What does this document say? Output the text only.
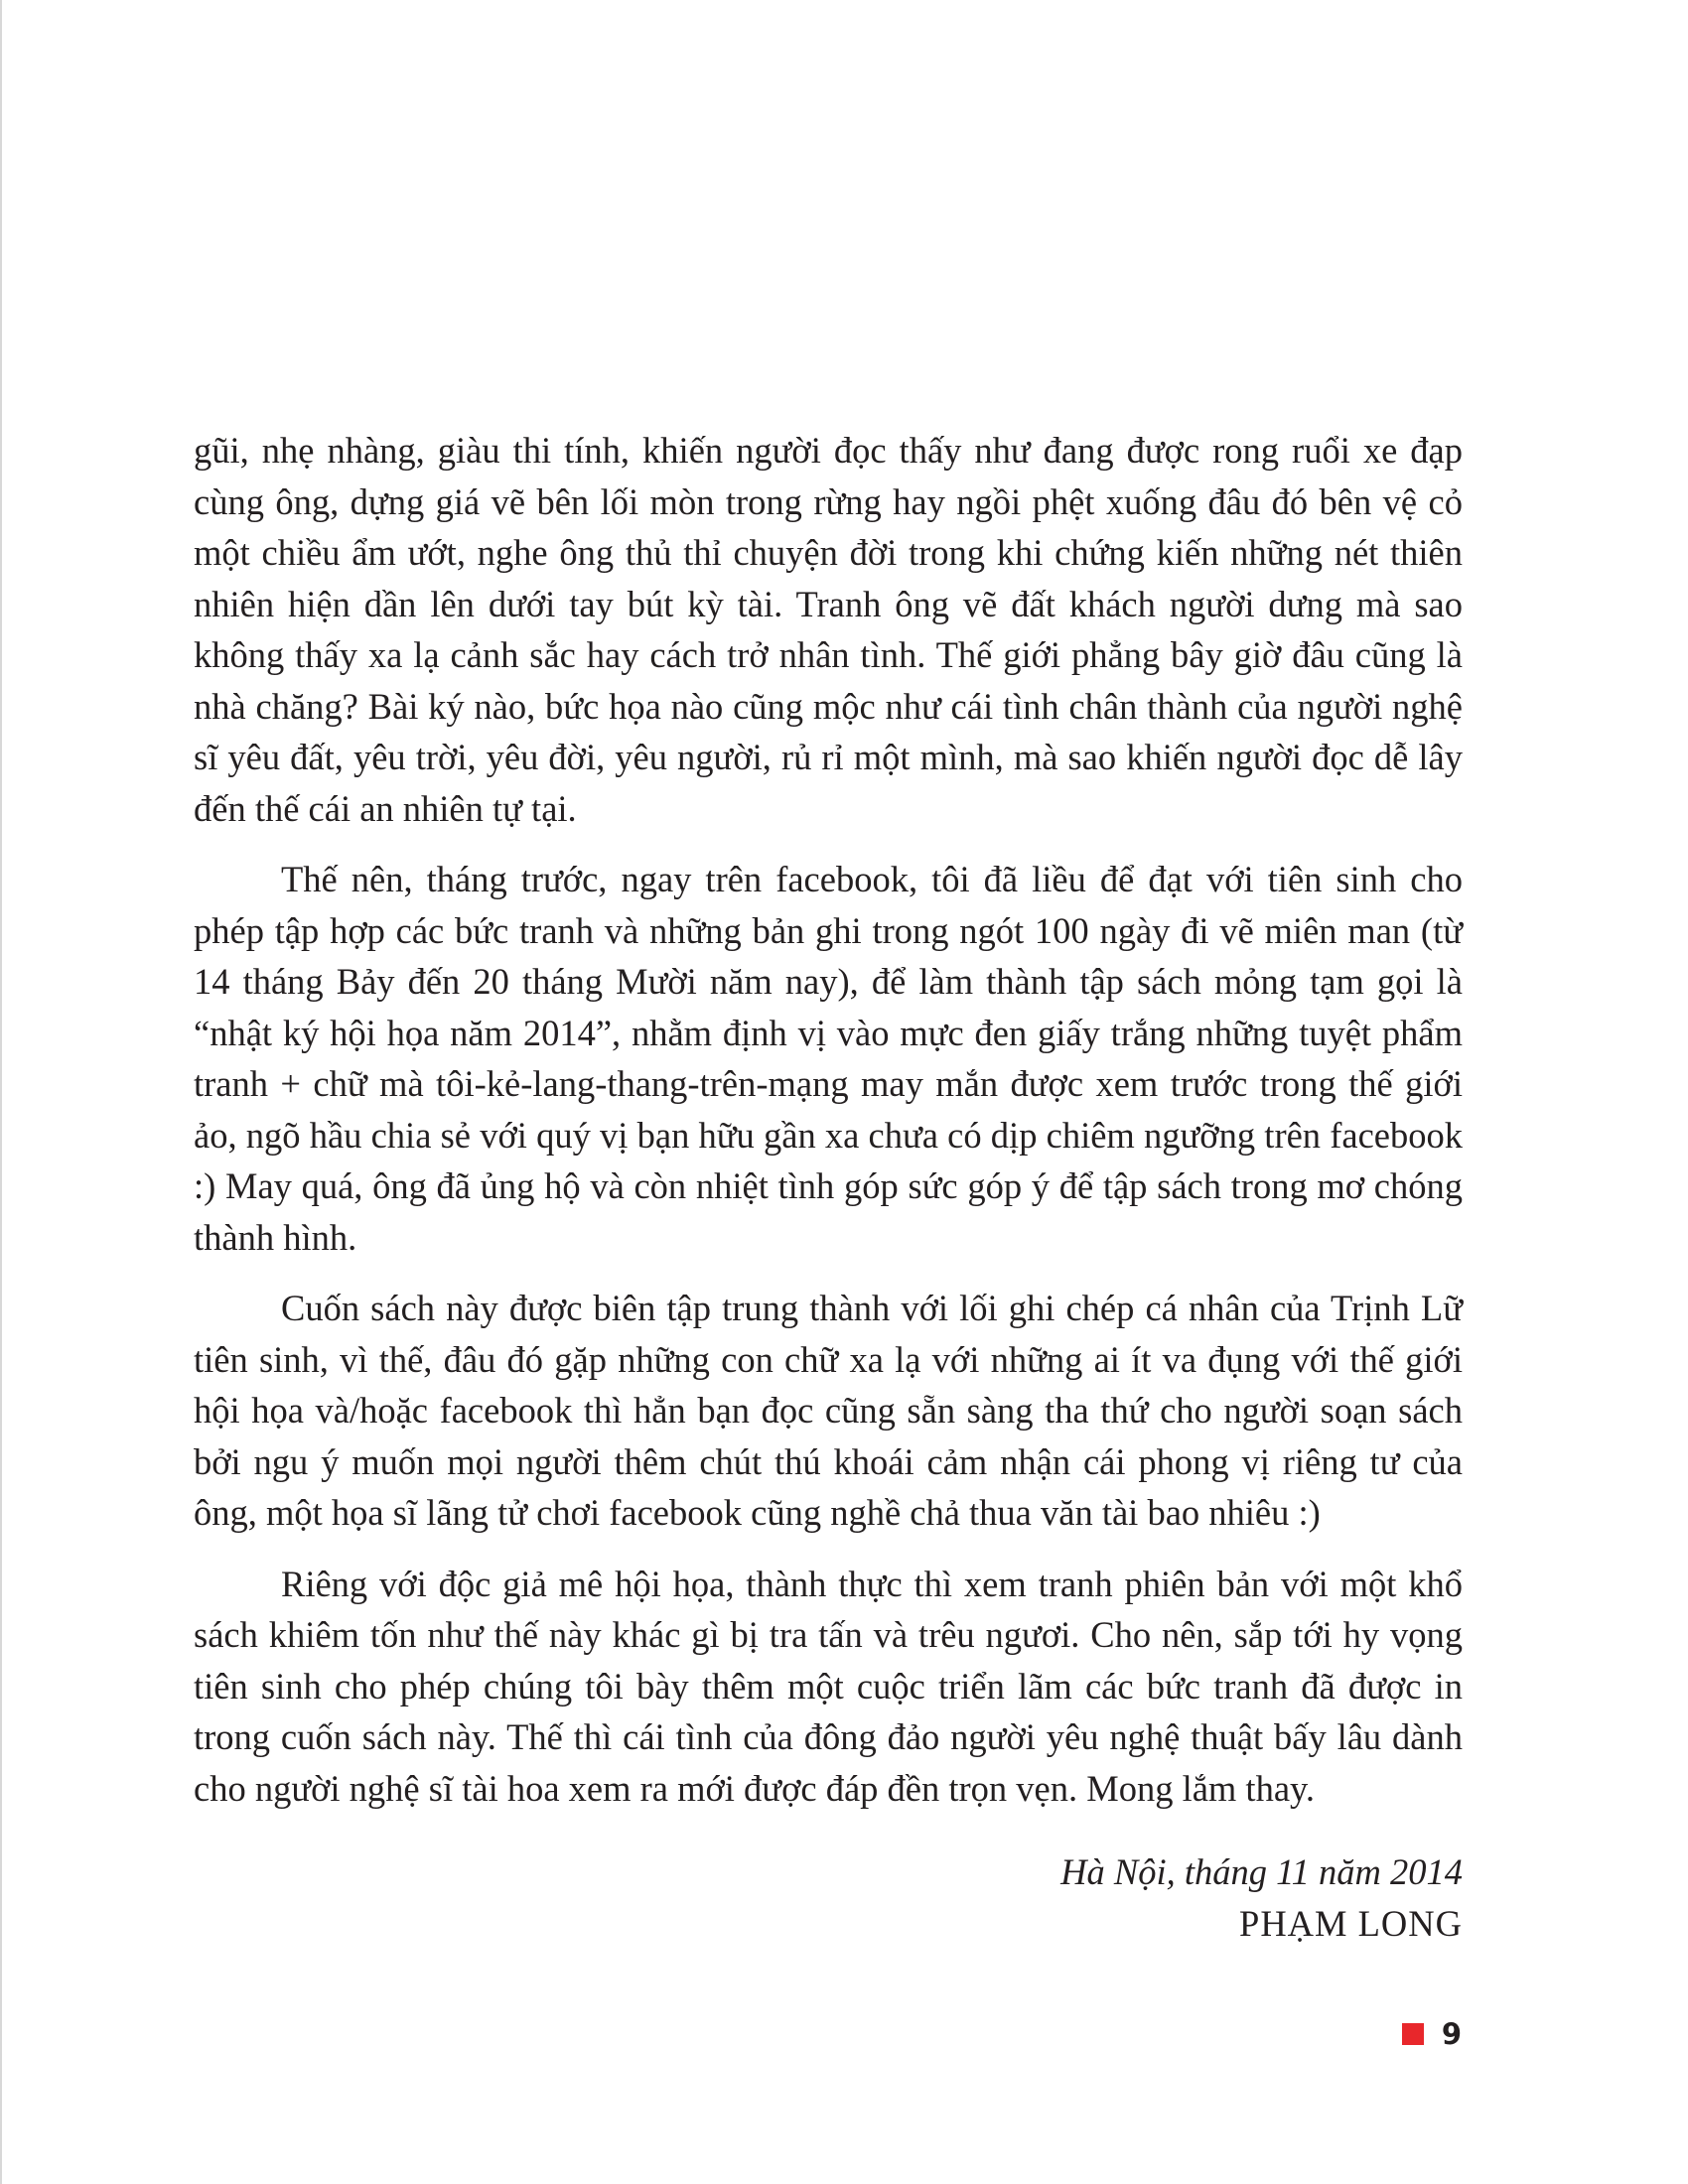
gũi, nhẹ nhàng, giàu thi tính, khiến người đọc thấy như đang được rong ruổi xe đạp cùng ông, dựng giá vẽ bên lối mòn trong rừng hay ngồi phệt xuống đâu đó bên vệ cỏ một chiều ẩm ướt, nghe ông thủ thỉ chuyện đời trong khi chứng kiến những nét thiên nhiên hiện dần lên dưới tay bút kỳ tài. Tranh ông vẽ đất khách người dưng mà sao không thấy xa lạ cảnh sắc hay cách trở nhân tình. Thế giới phẳng bây giờ đâu cũng là nhà chăng? Bài ký nào, bức họa nào cũng mộc như cái tình chân thành của người nghệ sĩ yêu đất, yêu trời, yêu đời, yêu người, rủ rỉ một mình, mà sao khiến người đọc dễ lây đến thế cái an nhiên tự tại.

Thế nên, tháng trước, ngay trên facebook, tôi đã liều để đạt với tiên sinh cho phép tập hợp các bức tranh và những bản ghi trong ngót 100 ngày đi vẽ miên man (từ 14 tháng Bảy đến 20 tháng Mười năm nay), để làm thành tập sách mỏng tạm gọi là “nhật ký hội họa năm 2014”, nhằm định vị vào mực đen giấy trắng những tuyệt phẩm tranh + chữ mà tôi-kẻ-lang-thang-trên-mạng may mắn được xem trước trong thế giới ảo, ngõ hầu chia sẻ với quý vị bạn hữu gần xa chưa có dịp chiêm ngưỡng trên facebook :) May quá, ông đã ủng hộ và còn nhiệt tình góp sức góp ý để tập sách trong mơ chóng thành hình.

Cuốn sách này được biên tập trung thành với lối ghi chép cá nhân của Trịnh Lữ tiên sinh, vì thế, đâu đó gặp những con chữ xa lạ với những ai ít va đụng với thế giới hội họa và/hoặc facebook thì hẳn bạn đọc cũng sẵn sàng tha thứ cho người soạn sách bởi ngu ý muốn mọi người thêm chút thú khoái cảm nhận cái phong vị riêng tư của ông, một họa sĩ lãng tử chơi facebook cũng nghề chả thua văn tài bao nhiêu :)

Riêng với độc giả mê hội họa, thành thực thì xem tranh phiên bản với một khổ sách khiêm tốn như thế này khác gì bị tra tấn và trêu ngươi. Cho nên, sắp tới hy vọng tiên sinh cho phép chúng tôi bày thêm một cuộc triển lãm các bức tranh đã được in trong cuốn sách này. Thế thì cái tình của đông đảo người yêu nghệ thuật bấy lâu dành cho người nghệ sĩ tài hoa xem ra mới được đáp đền trọn vẹn. Mong lắm thay.

Hà Nội, tháng 11 năm 2014
PHẠM LONG
9
